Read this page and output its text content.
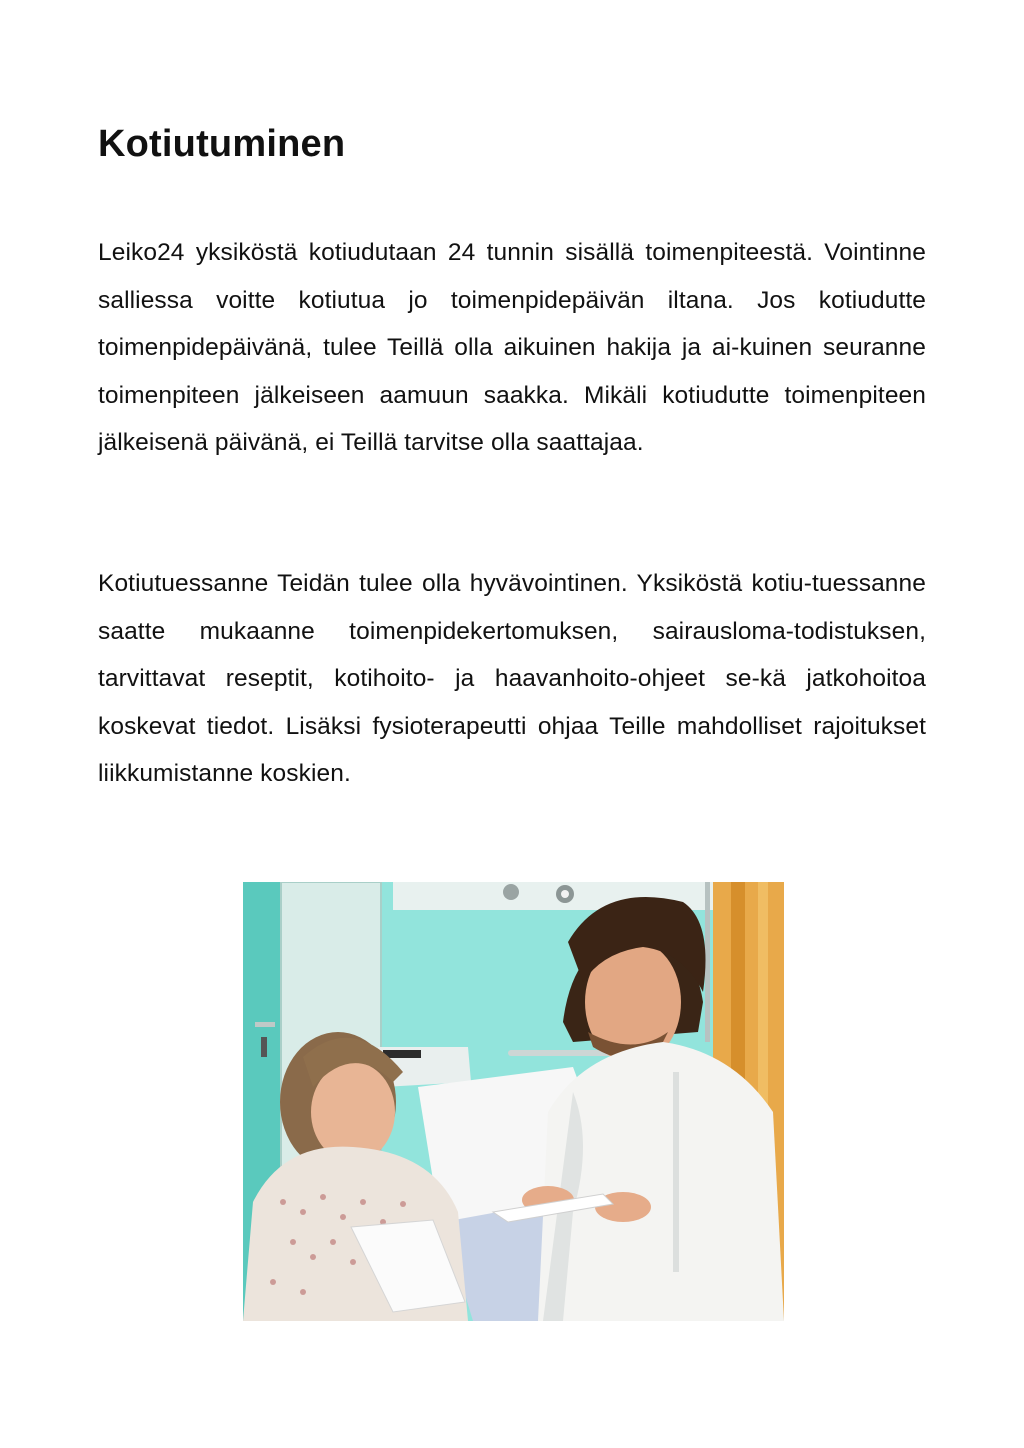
Kotiutuminen

Leiko24 yksiköstä kotiudutaan 24 tunnin sisällä toimenpiteestä. Vointinne salliessa voitte kotiutua jo toimenpidepäivän iltana. Jos kotiudutte toimenpidepäivänä, tulee Teillä olla aikuinen hakija ja ai-kuinen seuranne toimenpiteen jälkeiseen aamuun saakka. Mikäli kotiudutte toimenpiteen jälkeisenä päivänä, ei Teillä tarvitse olla saattajaa.

Kotiutuessanne Teidän tulee olla hyvävointinen. Yksiköstä kotiu-tuessanne saatte mukaanne toimenpidekertomuksen, sairausloma-todistuksen, tarvittavat reseptit, kotihoito- ja haavanhoito-ohjeet se-kä jatkohoitoa koskevat tiedot. Lisäksi fysioterapeutti ohjaa Teille mahdolliset rajoitukset liikkumistanne koskien.
